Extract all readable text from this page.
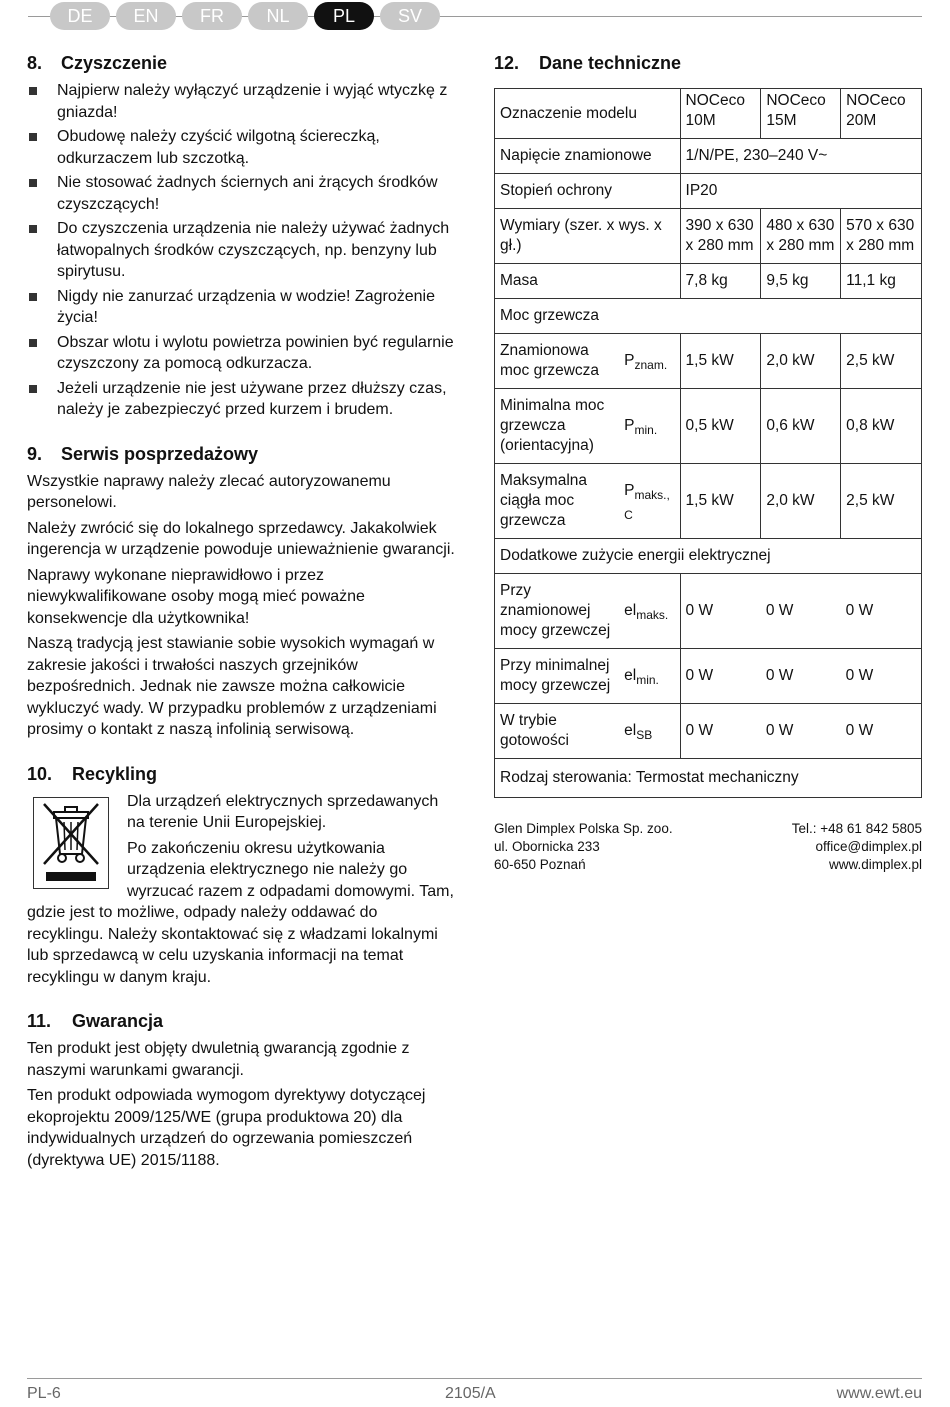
DE	EN	FR	NL	PL	SV
8. Czyszczenie
Najpierw należy wyłączyć urządzenie i wyjąć wtyczkę z gniazda!
Obudowę należy czyścić wilgotną ściereczką, odkurzaczem lub szczotką.
Nie stosować żadnych ściernych ani żrących środków czyszczących!
Do czyszczenia urządzenia nie należy używać żadnych łatwopalnych środków czyszczących, np. benzyny lub spirytusu.
Nigdy nie zanurzać urządzenia w wodzie! Zagrożenie życia!
Obszar wlotu i wylotu powietrza powinien być regularnie czyszczony za pomocą odkurzacza.
Jeżeli urządzenie nie jest używane przez dłuższy czas, należy je zabezpieczyć przed kurzem i brudem.
9. Serwis posprzedażowy

Wszystkie naprawy należy zlecać autoryzowanemu personelowi.

Należy zwrócić się do lokalnego sprzedawcy. Jakakolwiek ingerencja w urządzenie powoduje unieważnienie gwarancji.

Naprawy wykonane nieprawidłowo i przez niewykwalifikowane osoby mogą mieć poważne konsekwencje dla użytkownika!

Naszą tradycją jest stawianie sobie wysokich wymagań w zakresie jakości i trwałości naszych grzejników bezpośrednich. Jednak nie zawsze można całkowicie wykluczyć wady. W przypadku problemów z urządzeniami prosimy o kontakt z naszą infolinią serwisową.

10. Recykling

Dla urządzeń elektrycznych sprzedawanych na terenie Unii Europejskiej.

Po zakończeniu okresu użytkowania urządzenia elektrycznego nie należy go wyrzucać razem z odpadami domowymi. Tam, gdzie jest to możliwe, odpady należy oddawać do recyklingu. Należy skontaktować się z władzami lokalnymi lub sprzedawcą w celu uzyskania informacji na temat recyklingu w danym kraju.

11. Gwarancja

Ten produkt jest objęty dwuletnią gwarancją zgodnie z naszymi warunkami gwarancji.

Ten produkt odpowiada wymogom dyrektywy dotyczącej ekoprojektu 2009/125/WE (grupa produktowa 20) dla indywidualnych urządzeń do ogrzewania pomieszczeń (dyrektywa UE) 2015/1188.

12. Dane techniczne
Oznaczenie modelu		NOCeco 10M	NOCeco 15M	NOCeco 20M
Napięcie znamionowe		1/N/PE, 230–240 V~		
Stopień ochrony		IP20		
Wymiary (szer. x wys. x gł.)		390 x 630 x 280 mm	480 x 630 x 280 mm	570 x 630 x 280 mm
Masa		7,8 kg	9,5 kg	11,1 kg
Moc grzewcza				
Znamionowa moc grzewcza	$P_{znam.}$	1,5 kW	2,0 kW	2,5 kW
Minimalna moc grzewcza (orientacyjna)	$P_{min.}$	0,5 kW	0,6 kW	0,8 kW
Maksymalna ciągła moc grzewcza	$P_{maks., C}$	1,5 kW	2,0 kW	2,5 kW
Dodatkowe zużycie energii elektrycznej				
Przy znamionowej mocy grzewczej	$el_{maks.}$	0 W	0 W	0 W
Przy minimalnej mocy grzewczej	$el_{min.}$	0 W	0 W	0 W
W trybie gotowości	$el_{SB}$	0 W	0 W	0 W
Rodzaj sterowania: Termostat mechaniczny				
Glen Dimplex Polska Sp. zoo.
ul. Obornicka 233
60-650 Poznań
Tel.: +48 61 842 5805
office@dimplex.pl
www.dimplex.pl
PL-6	2105/A	www.ewt.eu
